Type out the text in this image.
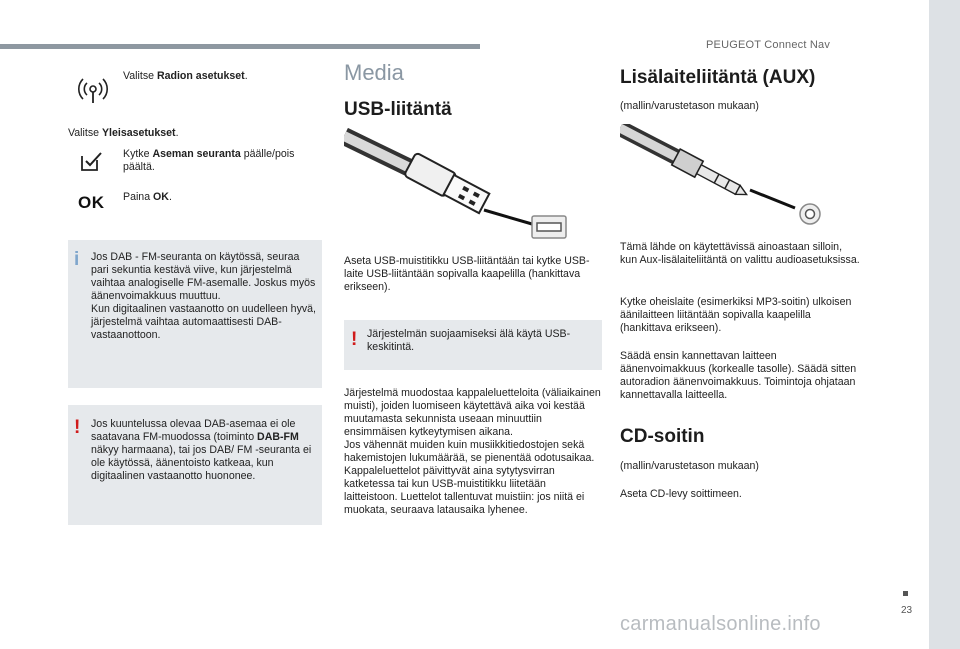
PEUGEOT Connect Nav
23
Valitse Radion asetukset.
Valitse Yleisasetukset.
Kytke Aseman seuranta päälle/pois päältä.
OK Paina OK.
i Jos DAB - FM-seuranta on käytössä, seuraa pari sekuntia kestävä viive, kun järjestelmä vaihtaa analogiselle FM-asemalle. Joskus myös äänenvoimakkuus muuttuu.
Kun digitaalinen vastaanotto on uudelleen hyvä, järjestelmä vaihtaa automaattisesti DAB-vastaanottoon.
! Jos kuuntelussa olevaa DAB-asemaa ei ole saatavana FM-muodossa (toiminto DAB-FM näkyy harmaana), tai jos DAB/ FM -seuranta ei ole käytössä, äänentoisto katkeaa, kun digitaalinen vastaanotto huononee.
Media
USB-liitäntä
Aseta USB-muistitikku USB-liitäntään tai kytke USB-laite USB-liitäntään sopivalla kaapelilla (hankittava erikseen).
! Järjestelmän suojaamiseksi älä käytä USB-keskitintä.
Järjestelmä muodostaa kappaleluetteloita (väliaikainen muisti), joiden luomiseen käytettävä aika voi kestää muutamasta sekunnista useaan minuuttiin ensimmäisen kytkeytymisen aikana.
Jos vähennät muiden kuin musiikkitiedostojen sekä hakemistojen lukumäärää, se pienentää odotusaikaa.
Kappaleluettelot päivittyvät aina sytytysvirran katketessa tai kun USB-muistitikku liitetään laitteistoon. Luettelot tallentuvat muistiin: jos niitä ei muokata, seuraava latausaika lyhenee.
Lisälaiteliitäntä (AUX)
(mallin/varustetason mukaan)
Tämä lähde on käytettävissä ainoastaan silloin, kun Aux-lisälaiteliitäntä on valittu audioasetuksissa.
Kytke oheislaite (esimerkiksi MP3-soitin) ulkoisen äänilaitteen liitäntään sopivalla kaapelilla (hankittava erikseen).
Säädä ensin kannettavan laitteen äänenvoimakkuus (korkealle tasolle). Säädä sitten autoradion äänenvoimakkuus. Toimintoja ohjataan kannettavalla laitteella.
CD-soitin
(mallin/varustetason mukaan)
Aseta CD-levy soittimeen.
carmanualsonline.info
